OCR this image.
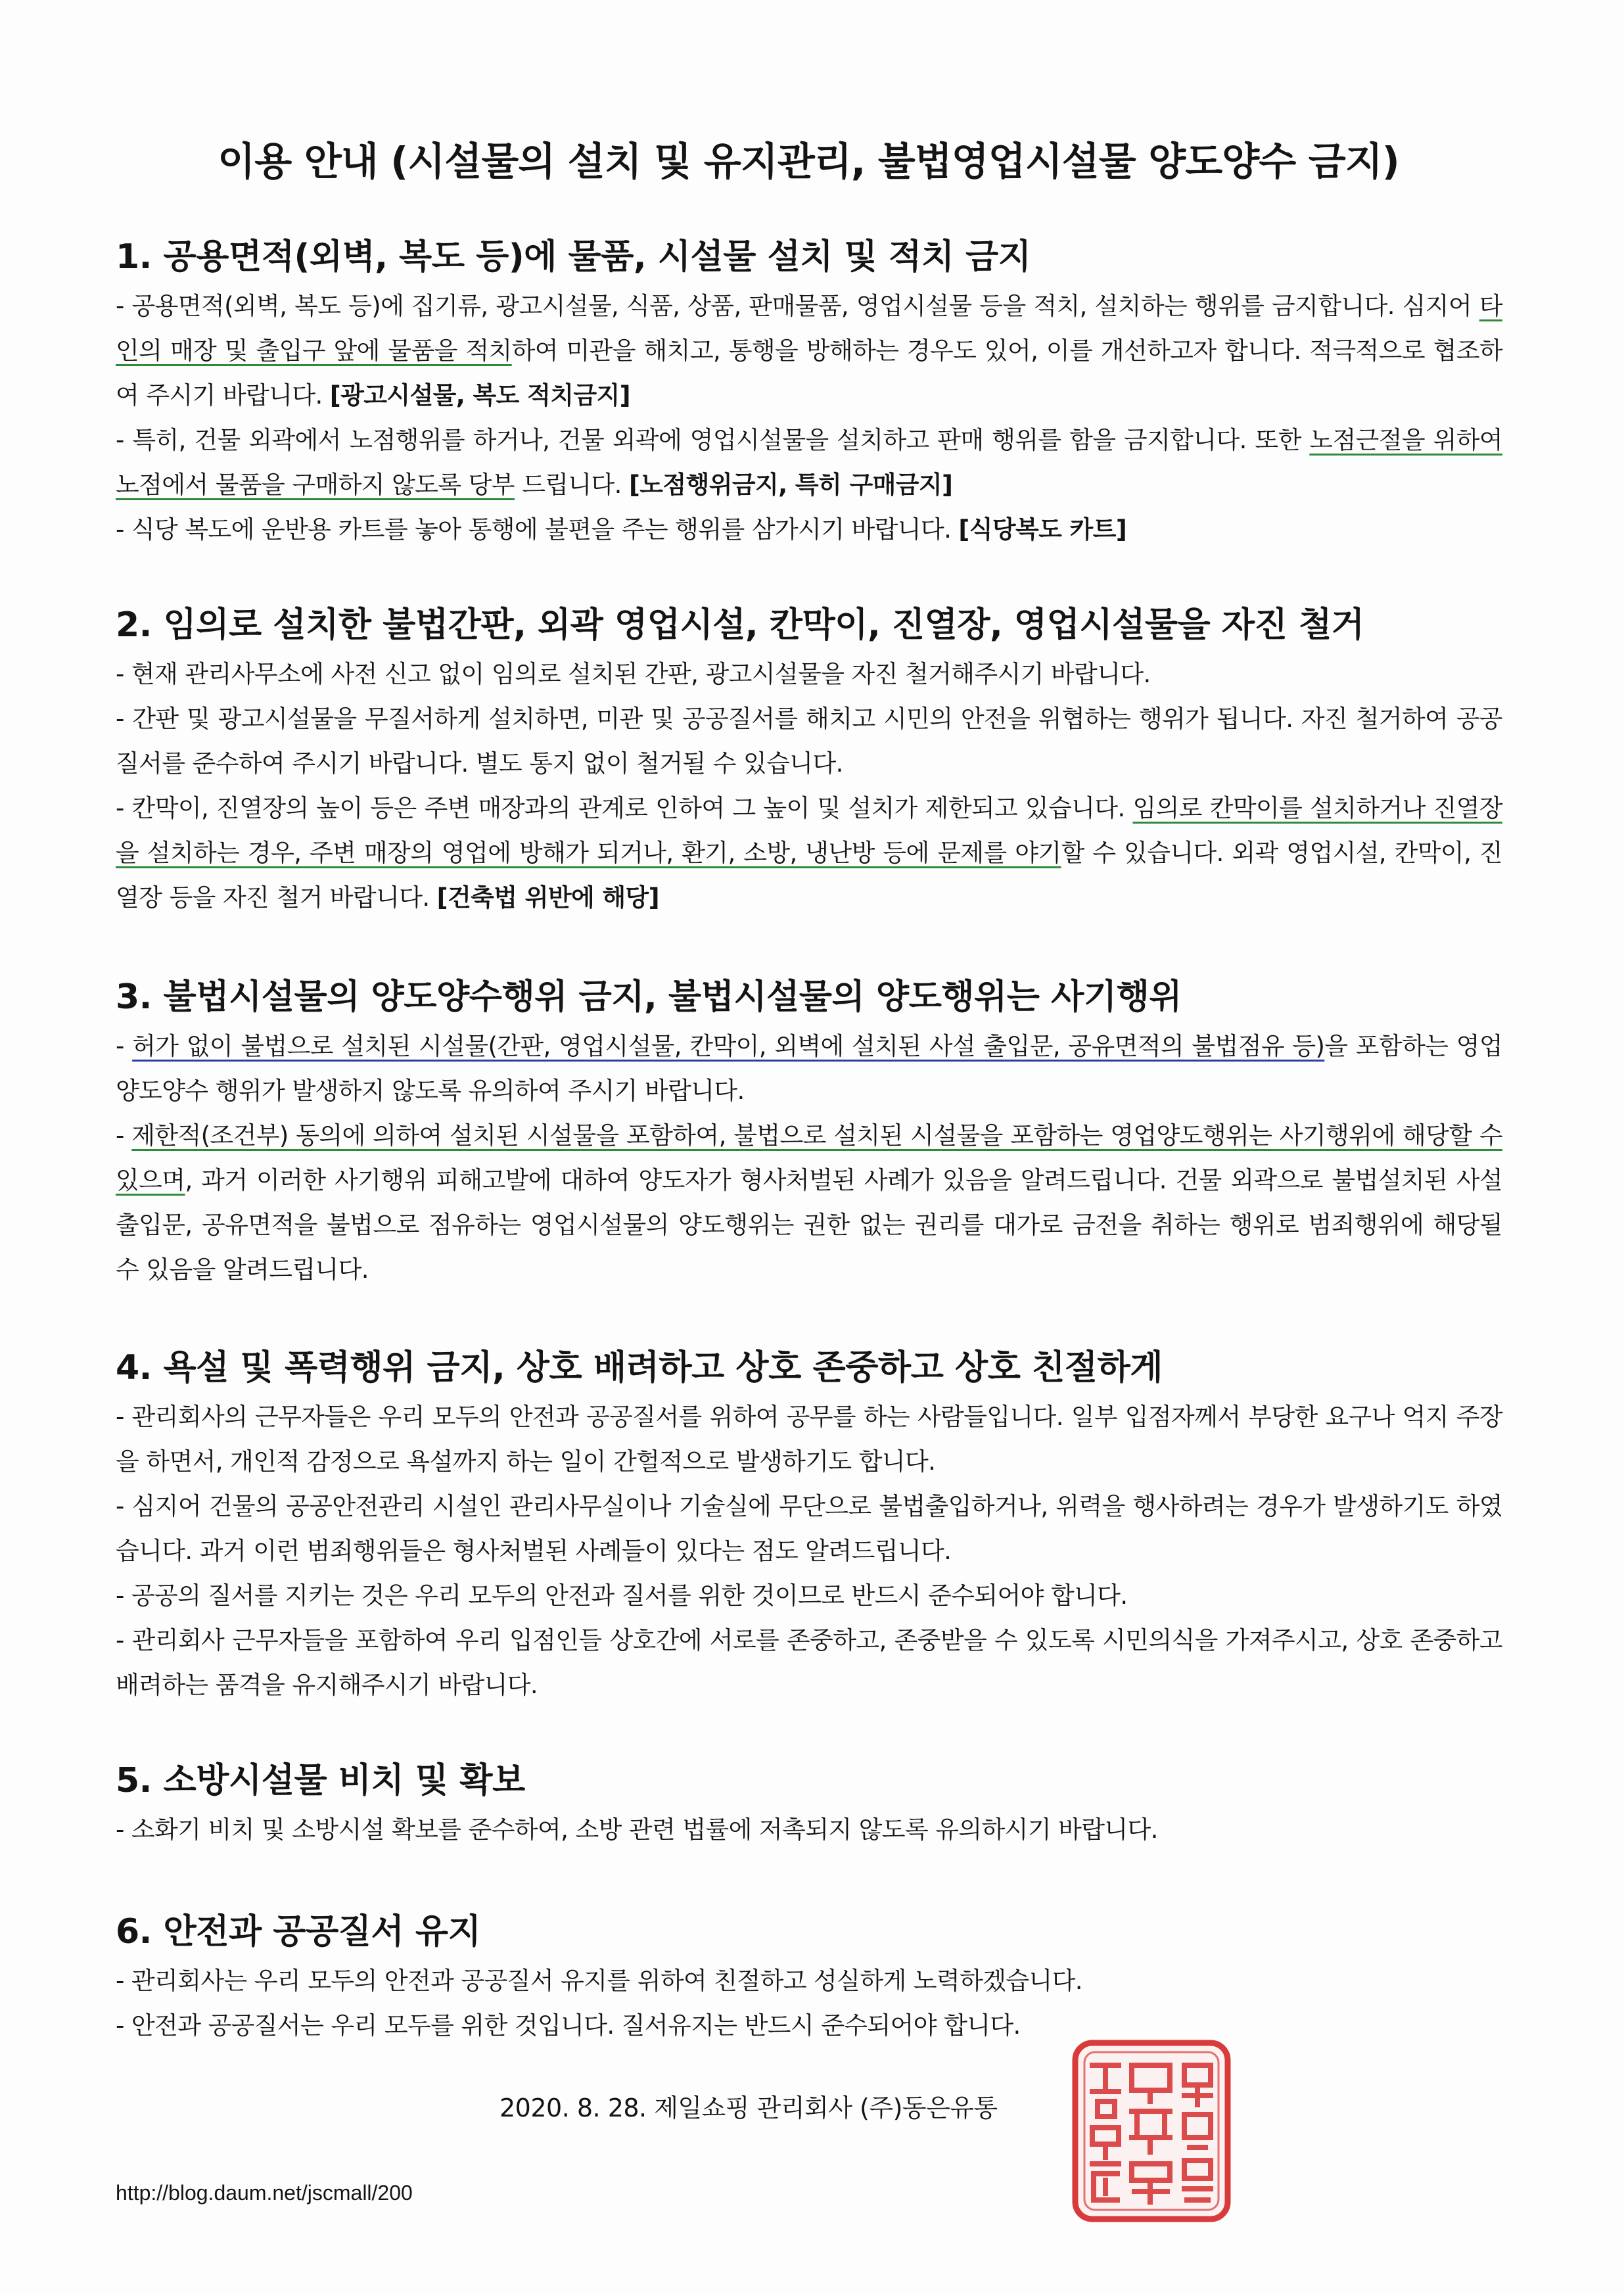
이용 안내 (시설물의 설치 및 유지관리, 불법영업시설물 양도양수 금지)
1. 공용면적(외벽, 복도 등)에 물품, 시설물 설치 및 적치 금지

- 공용면적(외벽, 복도 등)에 집기류, 광고시설물, 식품, 상품, 판매물품, 영업시설물 등을 적치, 설치하는 행위를 금지합니다. 심지어 타인의 매장 및 출입구 앞에 물품을 적치하여 미관을 해치고, 통행을 방해하는 경우도 있어, 이를 개선하고자 합니다. 적극적으로 협조하여 주시기 바랍니다. [광고시설물, 복도 적치금지]

- 특히, 건물 외곽에서 노점행위를 하거나, 건물 외곽에 영업시설물을 설치하고 판매 행위를 함을 금지합니다. 또한 노점근절을 위하여 노점에서 물품을 구매하지 않도록 당부 드립니다. [노점행위금지, 특히 구매금지]

- 식당 복도에 운반용 카트를 놓아 통행에 불편을 주는 행위를 삼가시기 바랍니다. [식당복도 카트]

2. 임의로 설치한 불법간판, 외곽 영업시설, 칸막이, 진열장, 영업시설물을 자진 철거

- 현재 관리사무소에 사전 신고 없이 임의로 설치된 간판, 광고시설물을 자진 철거해주시기 바랍니다.

- 간판 및 광고시설물을 무질서하게 설치하면, 미관 및 공공질서를 해치고 시민의 안전을 위협하는 행위가 됩니다. 자진 철거하여 공공질서를 준수하여 주시기 바랍니다. 별도 통지 없이 철거될 수 있습니다.

- 칸막이, 진열장의 높이 등은 주변 매장과의 관계로 인하여 그 높이 및 설치가 제한되고 있습니다. 임의로 칸막이를 설치하거나 진열장을 설치하는 경우, 주변 매장의 영업에 방해가 되거나, 환기, 소방, 냉난방 등에 문제를 야기할 수 있습니다. 외곽 영업시설, 칸막이, 진열장 등을 자진 철거 바랍니다. [건축법 위반에 해당]

3. 불법시설물의 양도양수행위 금지, 불법시설물의 양도행위는 사기행위

- 허가 없이 불법으로 설치된 시설물(간판, 영업시설물, 칸막이, 외벽에 설치된 사설 출입문, 공유면적의 불법점유 등)을 포함하는 영업양도양수 행위가 발생하지 않도록 유의하여 주시기 바랍니다.

- 제한적(조건부) 동의에 의하여 설치된 시설물을 포함하여, 불법으로 설치된 시설물을 포함하는 영업양도행위는 사기행위에 해당할 수 있으며, 과거 이러한 사기행위 피해고발에 대하여 양도자가 형사처벌된 사례가 있음을 알려드립니다. 건물 외곽으로 불법설치된 사설 출입문, 공유면적을 불법으로 점유하는 영업시설물의 양도행위는 권한 없는 권리를 대가로 금전을 취하는 행위로 범죄행위에 해당될 수 있음을 알려드립니다.

4. 욕설 및 폭력행위 금지, 상호 배려하고 상호 존중하고 상호 친절하게

- 관리회사의 근무자들은 우리 모두의 안전과 공공질서를 위하여 공무를 하는 사람들입니다. 일부 입점자께서 부당한 요구나 억지 주장을 하면서, 개인적 감정으로 욕설까지 하는 일이 간헐적으로 발생하기도 합니다.

- 심지어 건물의 공공안전관리 시설인 관리사무실이나 기술실에 무단으로 불법출입하거나, 위력을 행사하려는 경우가 발생하기도 하였습니다. 과거 이런 범죄행위들은 형사처벌된 사례들이 있다는 점도 알려드립니다.

- 공공의 질서를 지키는 것은 우리 모두의 안전과 질서를 위한 것이므로 반드시 준수되어야 합니다.

- 관리회사 근무자들을 포함하여 우리 입점인들 상호간에 서로를 존중하고, 존중받을 수 있도록 시민의식을 가져주시고, 상호 존중하고 배려하는 품격을 유지해주시기 바랍니다.

5. 소방시설물 비치 및 확보

- 소화기 비치 및 소방시설 확보를 준수하여, 소방 관련 법률에 저촉되지 않도록 유의하시기 바랍니다.

6. 안전과 공공질서 유지

- 관리회사는 우리 모두의 안전과 공공질서 유지를 위하여 친절하고 성실하게 노력하겠습니다.

- 안전과 공공질서는 우리 모두를 위한 것입니다. 질서유지는 반드시 준수되어야 합니다.

2020. 8. 28. 제일쇼핑 관리회사 (주)동은유통
http://blog.daum.net/jscmall/200
